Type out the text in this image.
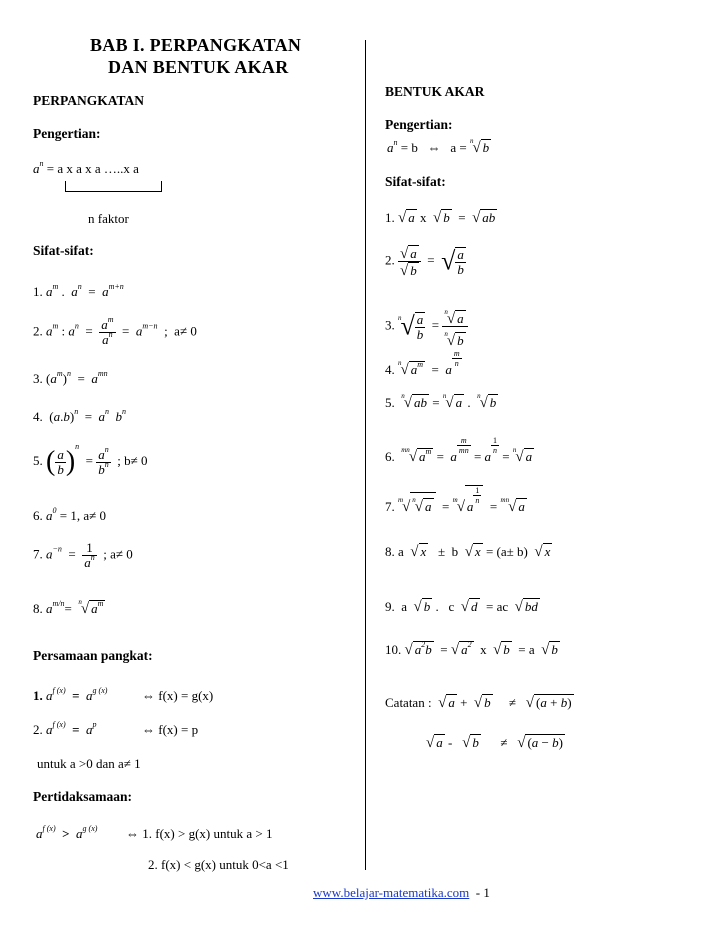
BAB I. PERPANGKATAN
DAN BENTUK AKAR
PERPANGKATAN
Pengertian:
$a^n = a$ x a x a …..x a
n faktor
Sifat-sifat:
1. $a^m$ .  $a^n = a^{m+n}$
2. $a^m$ : $a^n = \frac{a^m}{a^n} = a^{m-n}$  ;  a≠ 0
3. $(a^m)^n = a^{mn}$
4.  $(a.b)^n = a^n$ $b^n$
5. ( $\frac{a}{b} )^n = \frac{a^n}{b^n}$ ; b≠ 0
6. $a^0 = 1$, a≠ 0
7. $a^{-n} = \frac{1}{a^n}$ ; a≠ 0
8. $a^{m/n}= ^n√$ $a^m$
Persamaan pangkat:
1. $a^{f (x)} = a^{g (x)}$	⇔ f(x) = g(x)
2. $a^{f (x)} = a^p$	⇔ f(x) = p
untuk a >0 dan a≠ 1
Pertidaksamaan:
$a^{f (x)} > a^{g (x)}$ ⇔ 1. f(x) > g(x) untuk a > 1
2. f(x) < g(x) untuk 0<a <1
BENTUK AKAR
Pengertian:
$a^n = b$   ⇔   a = $^n$√ b
Sifat-sifat:
1. √ a x  √ b  =  √ ab
2. $\frac{√ a}{√ b}$ =  √ $\frac{a}{b}$
3. $^n√ \frac{a}{b} = \frac{^n√ a}{^n√ b}$
4. $^n$√ $a^m = a$
$\frac{m}{n}$
5.  $^n$√ ab = $^n$√ a .  $^n$√ b
6.  $^{mn}$√ $a^m = a$
$\frac{m}{mn}$
= a
$\frac{1}{n}$
= $^n$√ a
7. $^m$√ $^n$√ a  = $^m$√ a
$\frac{1}{n}$
= $^{mn}$√ a
8. a  √ x   ±  b  √ x = (a± b)  √ x
9.  a  √ b .   c  √ d  = ac  √ bd
10. √ $a^2b$  = √ $a^2$  x  √ b  = a  √ b
Catatan : √ a +  √ b     ≠   √ (a + b)
√ a -   √ b      ≠   √ (a − b)
www.belajar-matematika.com - 1
